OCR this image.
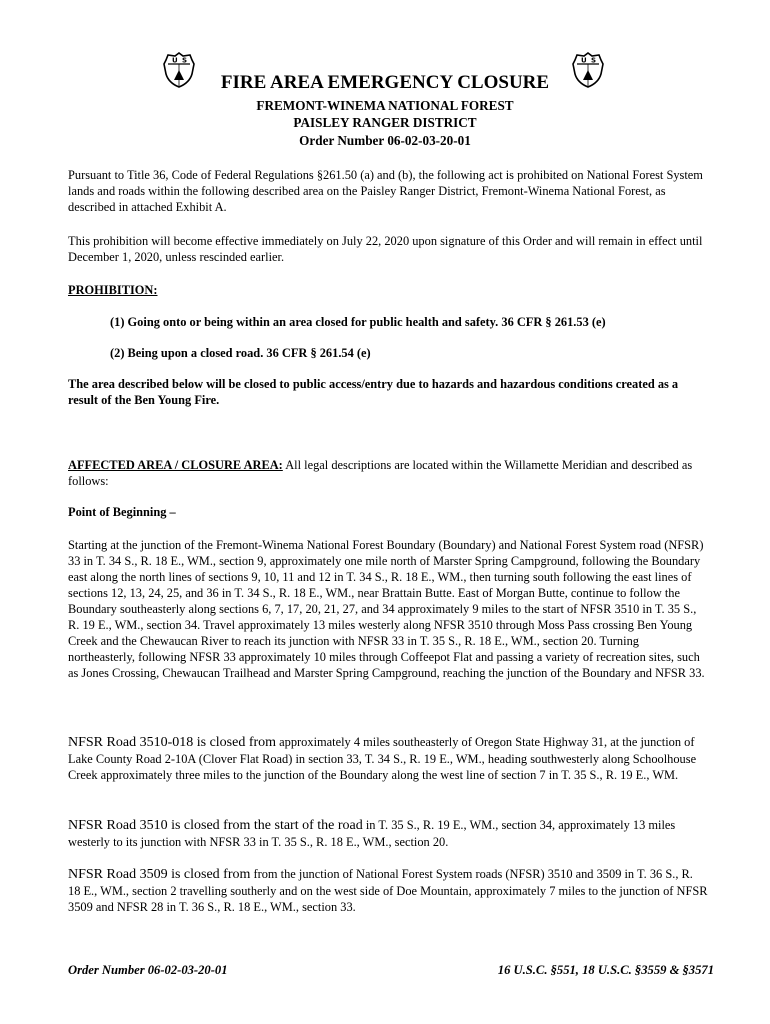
U S	U S
FIRE AREA EMERGENCY CLOSURE
FREMONT-WINEMA NATIONAL FOREST
PAISLEY RANGER DISTRICT
Order Number 06-02-03-20-01

Pursuant to Title 36, Code of Federal Regulations §261.50 (a) and (b), the following act is prohibited on National Forest System lands and roads within the following described area on the Paisley Ranger District, Fremont-Winema National Forest, as described in attached Exhibit A.

This prohibition will become effective immediately on July 22, 2020 upon signature of this Order and will remain in effect until December 1, 2020, unless rescinded earlier.

PROHIBITION:
(1) Going onto or being within an area closed for public health and safety. 36 CFR § 261.53 (e)
(2) Being upon a closed road. 36 CFR § 261.54 (e)

The area described below will be closed to public access/entry due to hazards and hazardous conditions created as a result of the Ben Young Fire.

AFFECTED AREA / CLOSURE AREA: All legal descriptions are located within the Willamette Meridian and described as follows:

Point of Beginning –

Starting at the junction of the Fremont-Winema National Forest Boundary (Boundary) and National Forest System road (NFSR) 33 in T. 34 S., R. 18 E., WM., section 9, approximately one mile north of Marster Spring Campground, following the Boundary east along the north lines of sections 9, 10, 11 and 12 in T. 34 S., R. 18 E., WM., then turning south following the east lines of sections 12, 13, 24, 25, and 36 in T. 34 S., R. 18 E., WM., near Brattain Butte. East of Morgan Butte, continue to follow the Boundary southeasterly along sections 6, 7, 17, 20, 21, 27, and 34 approximately 9 miles to the start of NFSR 3510 in T. 35 S., R. 19 E., WM., section 34. Travel approximately 13 miles westerly along NFSR 3510 through Moss Pass crossing Ben Young Creek and the Chewaucan River to reach its junction with NFSR 33 in T. 35 S., R. 18 E., WM., section 20. Turning northeasterly, following NFSR 33 approximately 10 miles through Coffeepot Flat and passing a variety of recreation sites, such as Jones Crossing, Chewaucan Trailhead and Marster Spring Campground, reaching the junction of the Boundary and NFSR 33.

NFSR Road 3510-018 is closed from approximately 4 miles southeasterly of Oregon State Highway 31, at the junction of Lake County Road 2-10A (Clover Flat Road) in section 33, T. 34 S., R. 19 E., WM., heading southwesterly along Schoolhouse Creek approximately three miles to the junction of the Boundary along the west line of section 7 in T. 35 S., R. 19 E., WM.

NFSR Road 3510 is closed from the start of the road in T. 35 S., R. 19 E., WM., section 34, approximately 13 miles westerly to its junction with NFSR 33 in T. 35 S., R. 18 E., WM., section 20.

NFSR Road 3509 is closed from from the junction of National Forest System roads (NFSR) 3510 and 3509 in T. 36 S., R. 18 E., WM., section 2 travelling southerly and on the west side of Doe Mountain, approximately 7 miles to the junction of NFSR 3509 and NFSR 28 in T. 36 S., R. 18 E., WM., section 33.

Order Number 06-02-03-20-01	16 U.S.C. §551, 18 U.S.C. §3559 & §3571
